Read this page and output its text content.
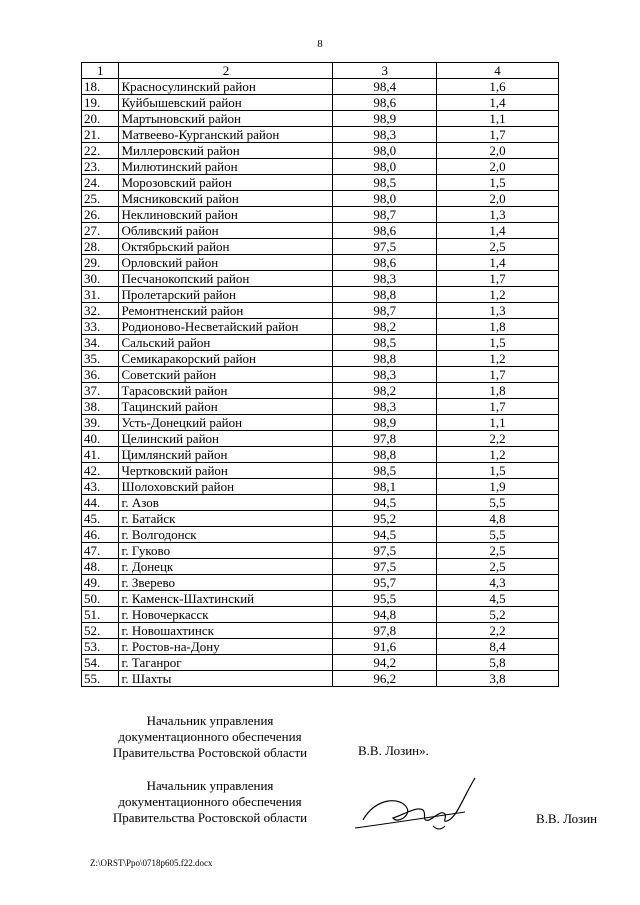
8
1	2	3	4
18.	Красносулинский район	98,4	1,6
19.	Куйбышевский район	98,6	1,4
20.	Мартыновский район	98,9	1,1
21.	Матвеево-Курганский район	98,3	1,7
22.	Миллеровский район	98,0	2,0
23.	Милютинский район	98,0	2,0
24.	Морозовский район	98,5	1,5
25.	Мясниковский район	98,0	2,0
26.	Неклиновский район	98,7	1,3
27.	Обливский район	98,6	1,4
28.	Октябрьский район	97,5	2,5
29.	Орловский район	98,6	1,4
30.	Песчанокопский район	98,3	1,7
31.	Пролетарский район	98,8	1,2
32.	Ремонтненский район	98,7	1,3
33.	Родионово-Несветайский район	98,2	1,8
34.	Сальский район	98,5	1,5
35.	Семикаракорский район	98,8	1,2
36.	Советский район	98,3	1,7
37.	Тарасовский район	98,2	1,8
38.	Тацинский район	98,3	1,7
39.	Усть-Донецкий район	98,9	1,1
40.	Целинский район	97,8	2,2
41.	Цимлянский район	98,8	1,2
42.	Чертковский район	98,5	1,5
43.	Шолоховский район	98,1	1,9
44.	г. Азов	94,5	5,5
45.	г. Батайск	95,2	4,8
46.	г. Волгодонск	94,5	5,5
47.	г. Гуково	97,5	2,5
48.	г. Донецк	97,5	2,5
49.	г. Зверево	95,7	4,3
50.	г. Каменск-Шахтинский	95,5	4,5
51.	г. Новочеркасск	94,8	5,2
52.	г. Новошахтинск	97,8	2,2
53.	г. Ростов-на-Дону	91,6	8,4
54.	г. Таганрог	94,2	5,8
55.	г. Шахты	96,2	3,8
Начальник управления
документационного обеспечения
Правительства Ростовской области	В.В. Лозин».
Начальник управления
документационного обеспечения
Правительства Ростовской области	В.В. Лозин
Z:\ORST\Ppo\0718p605.f22.docx
